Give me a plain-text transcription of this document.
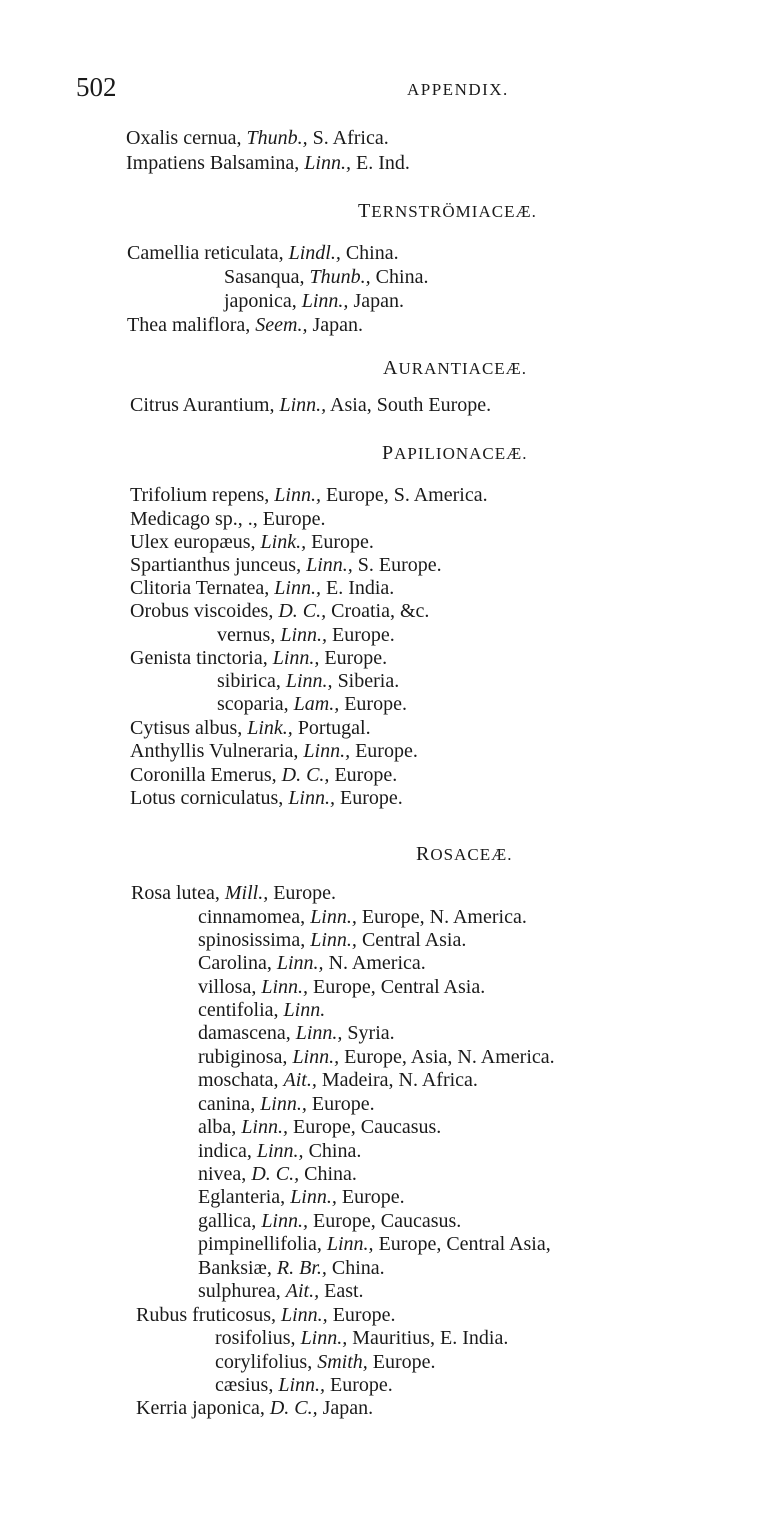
502	APPENDIX.
Oxalis cernua, Thunb., S. Africa.
Impatiens Balsamina, Linn., E. Ind.
TERNSTRÖMIACEÆ.
Camellia reticulata, Lindl., China.
Sasanqua, Thunb., China.
japonica, Linn., Japan.
Thea maliflora, Seem., Japan.
AURANTIACEÆ.
Citrus Aurantium, Linn., Asia, South Europe.
PAPILIONACEÆ.
Trifolium repens, Linn., Europe, S. America.
Medicago sp., ., Europe.
Ulex europæus, Link., Europe.
Spartianthus junceus, Linn., S. Europe.
Clitoria Ternatea, Linn., E. India.
Orobus viscoides, D. C., Croatia, &c.
vernus, Linn., Europe.
Genista tinctoria, Linn., Europe.
sibirica, Linn., Siberia.
scoparia, Lam., Europe.
Cytisus albus, Link., Portugal.
Anthyllis Vulneraria, Linn., Europe.
Coronilla Emerus, D. C., Europe.
Lotus corniculatus, Linn., Europe.
ROSACEÆ.
Rosa lutea, Mill., Europe.
cinnamomea, Linn., Europe, N. America.
spinosissima, Linn., Central Asia.
Carolina, Linn., N. America.
villosa, Linn., Europe, Central Asia.
centifolia, Linn.
damascena, Linn., Syria.
rubiginosa, Linn., Europe, Asia, N. America.
moschata, Ait., Madeira, N. Africa.
canina, Linn., Europe.
alba, Linn., Europe, Caucasus.
indica, Linn., China.
nivea, D. C., China.
Eglanteria, Linn., Europe.
gallica, Linn., Europe, Caucasus.
pimpinellifolia, Linn., Europe, Central Asia,
Banksiæ, R. Br., China.
sulphurea, Ait., East.
Rubus fruticosus, Linn., Europe.
rosifolius, Linn., Mauritius, E. India.
corylifolius, Smith, Europe.
cæsius, Linn., Europe.
Kerria japonica, D. C., Japan.
